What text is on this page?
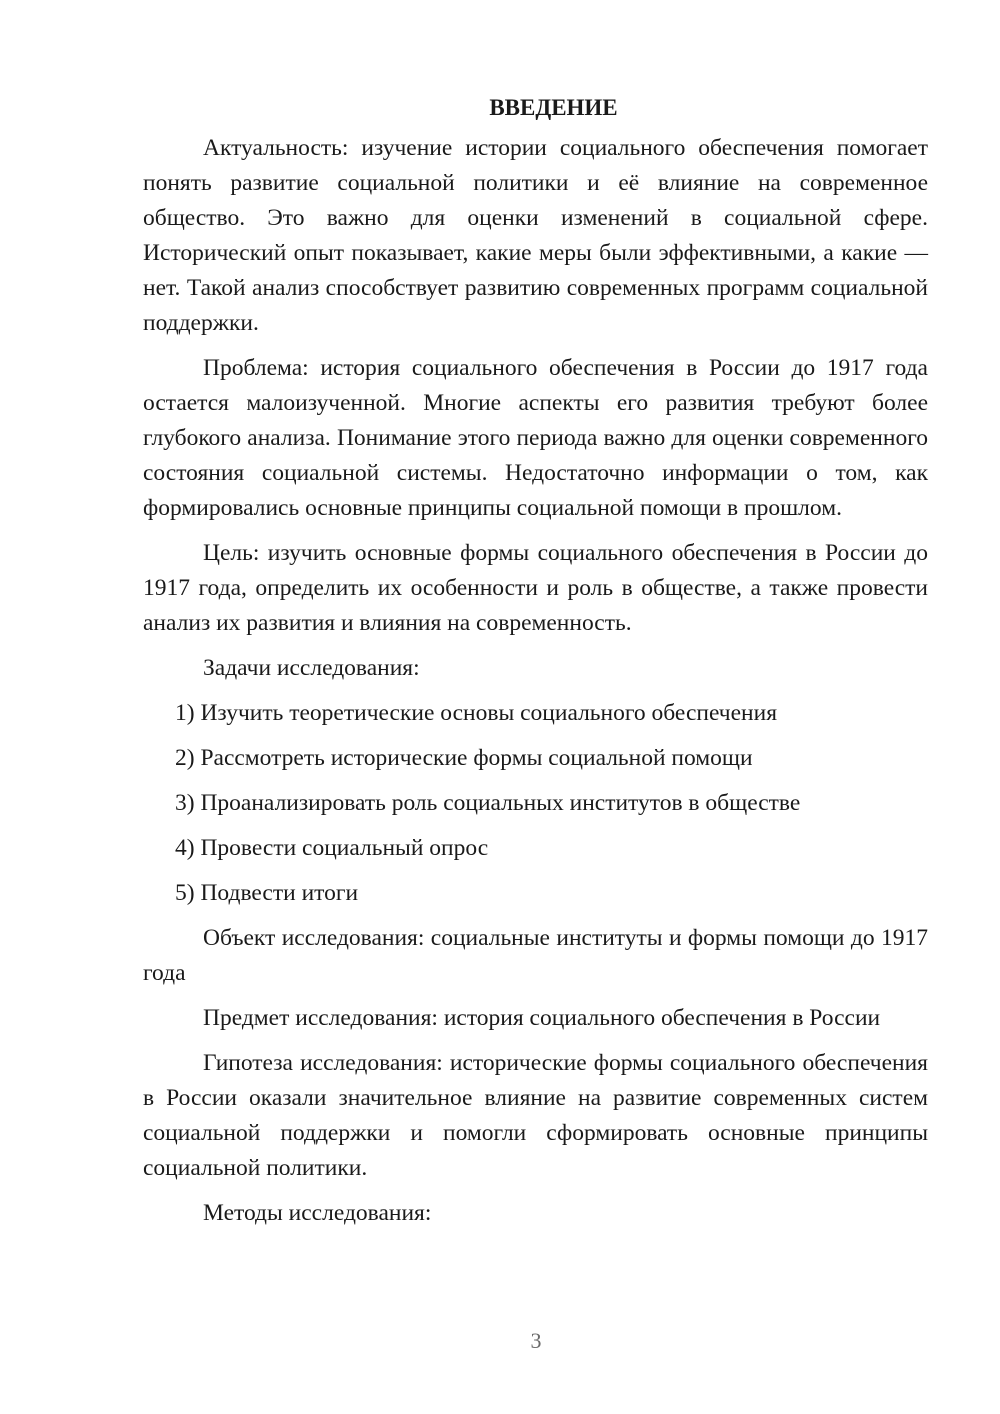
ВВЕДЕНИЕ

Актуальность: изучение истории социального обеспечения помогает понять развитие социальной политики и её влияние на современное общество. Это важно для оценки изменений в социальной сфере. Исторический опыт показывает, какие меры были эффективными, а какие — нет. Такой анализ способствует развитию современных программ социальной поддержки.

Проблема: история социального обеспечения в России до 1917 года остается малоизученной. Многие аспекты его развития требуют более глубокого анализа. Понимание этого периода важно для оценки современного состояния социальной системы. Недостаточно информации о том, как формировались основные принципы социальной помощи в прошлом.

Цель: изучить основные формы социального обеспечения в России до 1917 года, определить их особенности и роль в обществе, а также провести анализ их развития и влияния на современность.

Задачи исследования:

1) Изучить теоретические основы социального обеспечения
2) Рассмотреть исторические формы социальной помощи
3) Проанализировать роль социальных институтов в обществе
4) Провести социальный опрос
5) Подвести итоги

Объект исследования: социальные институты и формы помощи до 1917 года

Предмет исследования: история социального обеспечения в России

Гипотеза исследования: исторические формы социального обеспечения в России оказали значительное влияние на развитие современных систем социальной поддержки и помогли сформировать основные принципы социальной политики.

Методы исследования:

3
